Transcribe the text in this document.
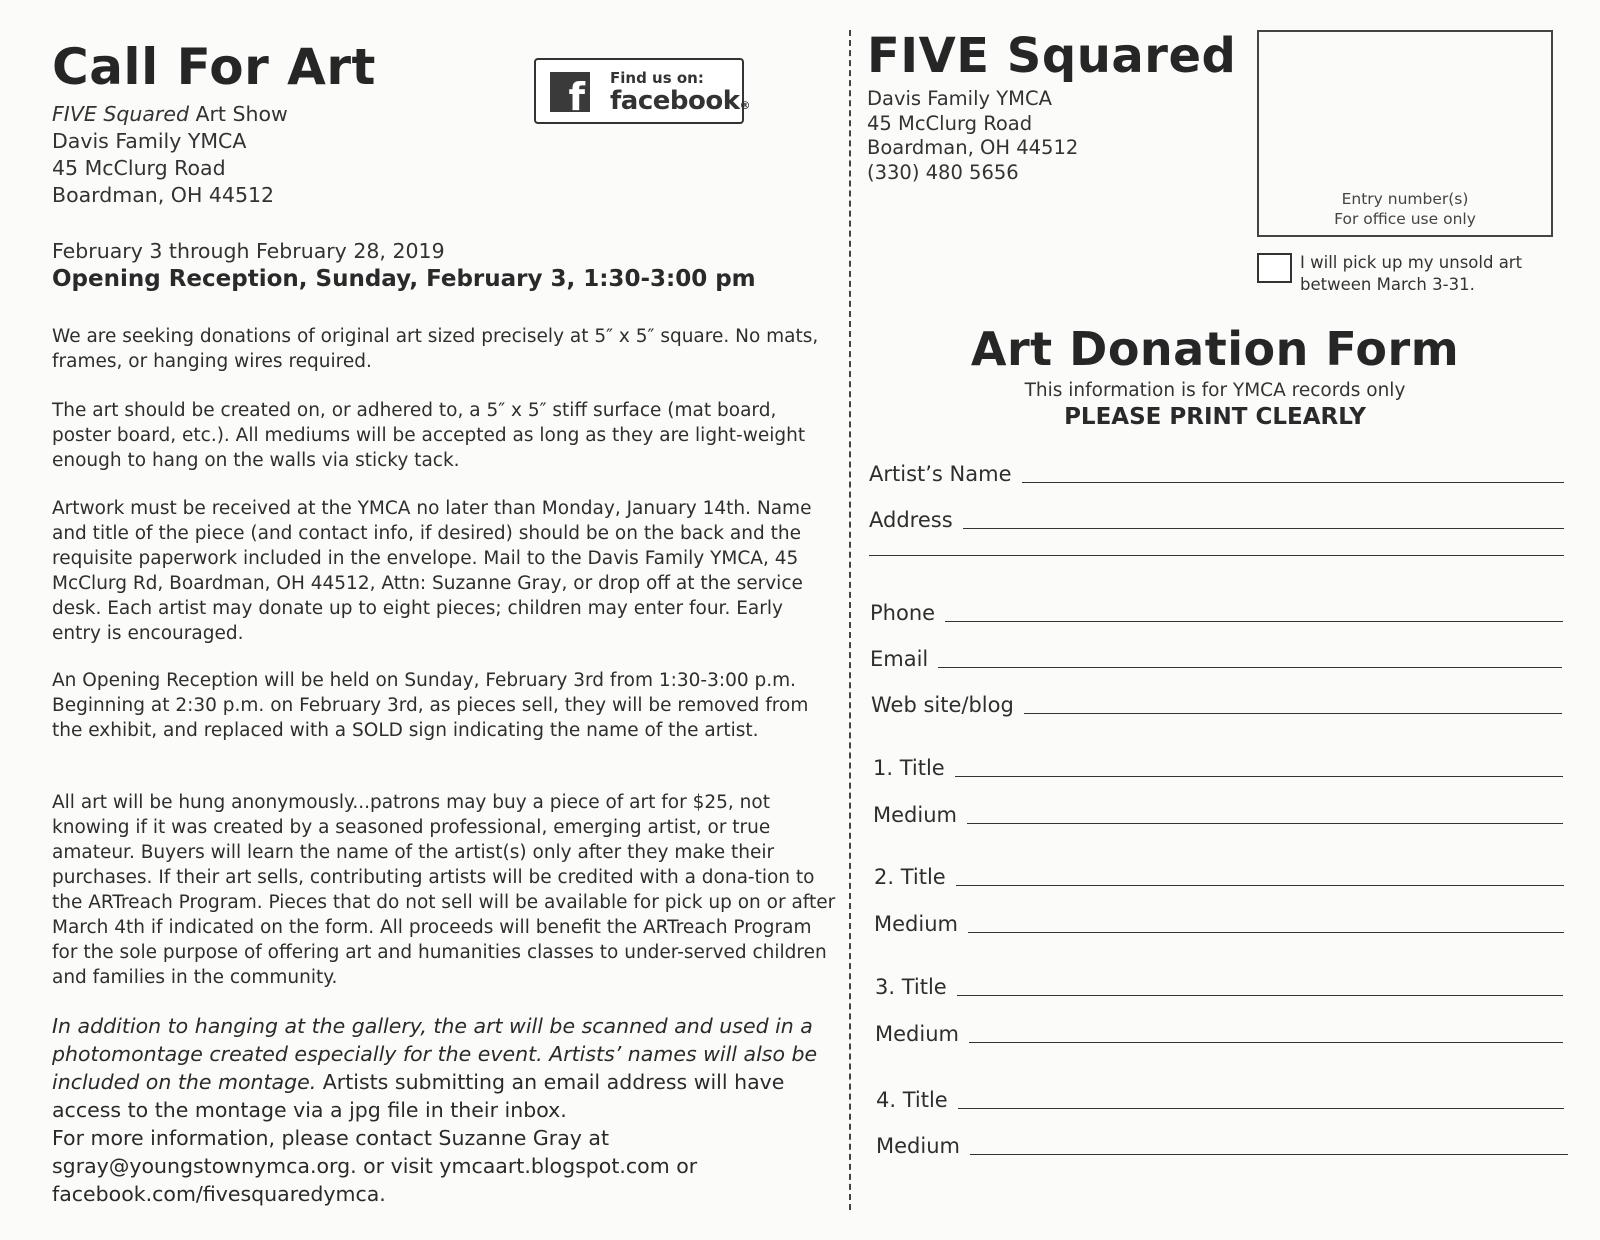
Call For Art
FIVE Squared Art Show
Davis Family YMCA
45 McClurg Road
Boardman, OH 44512
February 3 through February 28, 2019
Opening Reception, Sunday, February 3, 1:30-3:00 pm
We are seeking donations of original art sized precisely at 5″ x 5″ square. No mats, frames, or hanging wires required.
The art should be created on, or adhered to, a 5″ x 5″ stiff surface (mat board, poster board, etc.). All mediums will be accepted as long as they are light-weight enough to hang on the walls via sticky tack.
Artwork must be received at the YMCA no later than Monday, January 14th. Name and title of the piece (and contact info, if desired) should be on the back and the requisite paperwork included in the envelope. Mail to the Davis Family YMCA, 45 McClurg Rd, Boardman, OH 44512, Attn: Suzanne Gray, or drop off at the service desk. Each artist may donate up to eight pieces; children may enter four. Early entry is encouraged.
An Opening Reception will be held on Sunday, February 3rd from 1:30-3:00 p.m. Beginning at 2:30 p.m. on February 3rd, as pieces sell, they will be removed from the exhibit, and replaced with a SOLD sign indicating the name of the artist.
All art will be hung anonymously...patrons may buy a piece of art for $25, not knowing if it was created by a seasoned professional, emerging artist, or true amateur. Buyers will learn the name of the artist(s) only after they make their purchases. If their art sells, contributing artists will be credited with a dona-tion to the ARTreach Program. Pieces that do not sell will be available for pick up on or after March 4th if indicated on the form. All proceeds will benefit the ARTreach Program for the sole purpose of offering art and humanities classes to under-served children and families in the community.
In addition to hanging at the gallery, the art will be scanned and used in a photomontage created especially for the event. Artists’ names will also be included on the montage. Artists submitting an email address will have access to the montage via a jpg file in their inbox.
For more information, please contact Suzanne Gray at sgray@youngstownymca.org. or visit ymcaart.blogspot.com or facebook.com/fivesquaredymca.
f Find us on:
facebook®
FIVE Squared
Davis Family YMCA
45 McClurg Road
Boardman, OH 44512
(330) 480 5656
Entry number(s)
For office use only
I will pick up my unsold art
between March 3-31.
Art Donation Form
This information is for YMCA records only
PLEASE PRINT CLEARLY
Artist’s Name
Address
Phone
Email
Web site/blog
1. Title
Medium
2. Title
Medium
3. Title
Medium
4. Title
Medium
